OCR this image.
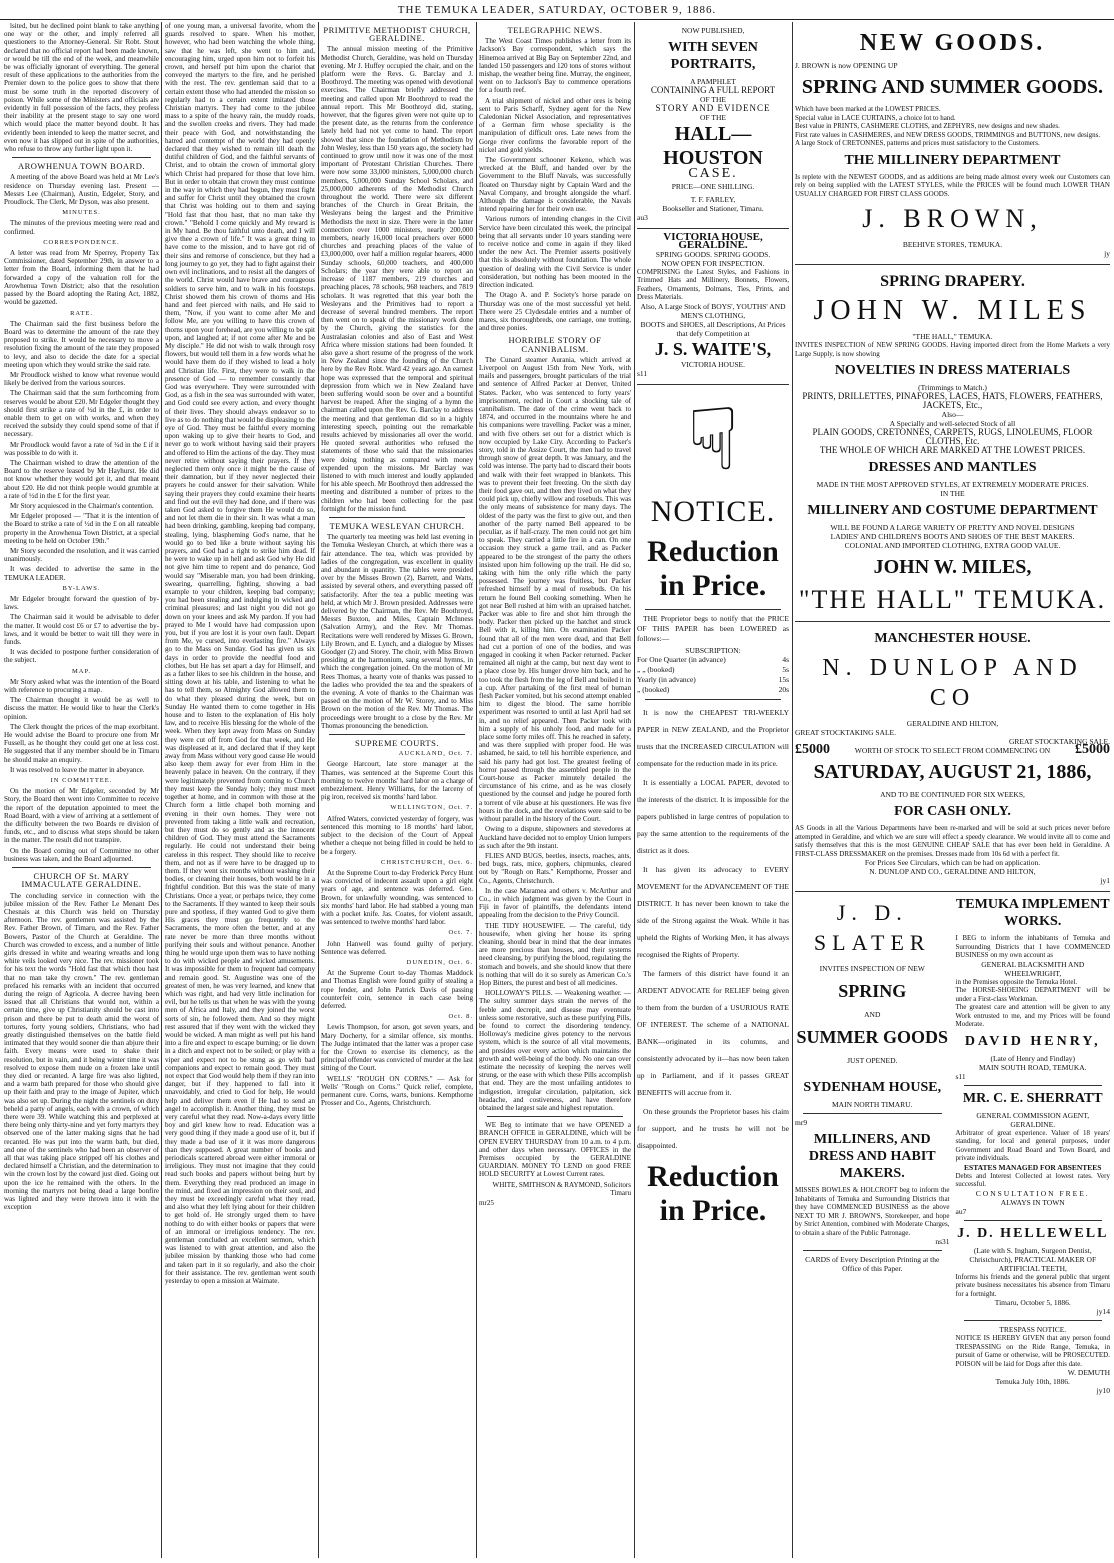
THE TEMUKA LEADER, SATURDAY, OCTOBER 9, 1886.

lsited, but he declined point blank to take anything one way or the other, and imply referred all questioners to the Attorney-General. Sir Robt. Stout declared that no official report had been made known, or would be till the end of the week, and meanwhile be was officially ignorant of everything. The general result of these applications to the authorities from the Premier down to the police goes to show that there must be some truth in the reported discovery of poison. While some of the Ministers and officials are evidently in full possession of the facts, they profess their inability at the present stage to say one word which would place the matter beyond doubt. It has evidently been intended to keep the matter secret, and even now it has slipped out in spite of the authorities, who refuse to throw any further light upon it.

AROWHENUA TOWN BOARD.

A meeting of the above Board was held at Mr Lee's residence on Thursday evening last. Present — Messrs Lee (Chairman), Austin, Edgeler, Story, and Proudlock. The Clerk, Mr Dyson, was also present.

MINUTES.

The minutes of the previous meeting were read and confirmed.

CORRESPONDENCE.

A letter was read from Mr Sperrey, Property Tax Commissioner, dated September 29th, in answer to a letter from the Board, informing them that he had forwarded a copy of the valuation roll for the Arowhenua Town District; also that the resolution passed by the Board adopting the Rating Act, 1882, would be gazetted.

RATE.

The Chairman said the first business before the Board was to determine the amount of the rate they proposed to strike. It would be necessary to move a resolution fixing the amount of the rate they proposed to levy, and also to decide the date for a special meeting upon which they would strike the said rate.

Mr Proudlock wished to know what revenue would likely be derived from the various sources.

The Chairman said that the sum forthcoming from reserves would be about £20. Mr Edgeler thought they should first strike a rate of ½d in the £, in order to enable them to get on with works, and when they received the subsidy they could spend some of that if necessary.

Mr Proudlock would favor a rate of ¾d in the £ if it was possible to do with it.

The Chairman wished to draw the attention of the Board to the reserve leased by Mr Hayhurst. He did not know whether they would get it, and that meant about £20. He did not think people would grumble at a rate of ½d in the £ for the first year.

Mr Story acquiesced in the Chairman's contention.

Mr Edgeler proposed — "That it is the intention of the Board to strike a rate of ½d in the £ on all rateable property in the Arowhenua Town District, at a special meeting to be held on October 19th."

Mr Story seconded the resolution, and it was carried unanimously.

It was decided to advertise the same in the TEMUKA LEADER.

BY-LAWS.

Mr Edgeler brought forward the question of by-laws.

The Chairman said it would be advisable to defer the matter. It would cost £6 or £7 to advertise the by-laws, and it would be better to wait till they were in funds.

It was decided to postpone further consideration of the subject.

MAP.

Mr Story asked what was the intention of the Board with reference to procuring a map.

The Chairman thought it would be as well to discuss the matter. He would like to hear the Clerk's opinion.

The Clerk thought the prices of the map exorbitant. He would advise the Board to procure one from Mr Fussell, as he thought they could get one at less cost. He suggested that if any member should be in Timaru he should make an enquiry.

It was resolved to leave the matter in abeyance.

IN COMMITTEE.

On the motion of Mr Edgeler, seconded by Mr Story, the Board then went into Committee to receive the report of the deputation appointed to meet the Road Board, with a view of arriving at a settlement of the difficulty between the two Boards re division of funds, etc., and to discuss what steps should be taken in the matter. The result did not transpire.

On the Board coming out of Committee no other business was taken, and the Board adjourned.

CHURCH OF St. MARY IMMACULATE GERALDINE.

The concluding service in connection with the jubilee mission of the Rev. Father Le Menant Des Chesnais at this Church was held on Thursday afternoon. The rev. gentlemen was assisted by the Rev. Father Brown, of Timaru, and the Rev. Father Bowers, Pastor of the Church at Geraldine. The Church was crowded to excess, and a number of little girls dressed in white and wearing wreaths and long white veils looked very nice. The rev. missioner took for his text the words "Hold fast that which thou hast that no man take thy crown." The rev. gentleman prefaced his remarks with an incident that occurred during the reign of Agricola. A decree having been issued that all Christians that would not, within a certain time, give up Christianity should be cast into prison and there be put to death amid the worst of tortures, forty young soldiers, Christians, who had greatly distinguished themselves on the battle field intimated that they would sooner die than abjure their faith. Every means were used to shake their resolution, but in vain, and it being winter time it was resolved to expose them nude on a frozen lake until they died or recanted. A large fire was also lighted, and a warm bath prepared for those who should give up their faith and pray to the image of Jupiter, which was also set up. During the night the sentinels on duty beheld a party of angels, each with a crown, of which there were 39. While watching this and perplexed at there being only thirty-nine and yet forty martyrs they observed one of the latter making signs that he had recanted. He was put into the warm bath, but died, and one of the sentinels who had been an observer of all that was taking place stripped off his clothes and declared himself a Christian, and the determination to win the crown lost by the coward just died. Going out upon the ice he remained with the others. In the morning the martyrs not being dead a large bonfire was lighted and they were thrown into it with the exception

of one young man, a universal favorite, whom the guards resolved to spare. When his mother, however, who had been watching the whole thing, saw that he was left, she went to him and, encouraging him, urged upon him not to forfeit his crown, and herself put him upon the chariot that conveyed the martyrs to the fire, and he perished with the rest. The rev. gentleman said that to a certain extent those who had attended the mission so regularly had to a certain extent imitated those Christian martyrs. They had come to the jubilee mass to a spite of the heavy rain, the muddy roads, and the swollen creeks and rivers. They had made their peace with God, and notwithstanding the hatred and contempt of the world they had openly declared that they wished to remain till death the dutiful children of God, and the faithful servants of Christ, and to obtain the crown of immortal glory which Christ had prepared for those that love him. But in order to obtain that crown they must continue in the way in which they had begun, they must fight and suffer for Christ until they obtained the crown that Christ was holding out to them and saying "Hold fast that thou hast, that no man take thy crown." "Behold I come quickly and My reward is in My hand. Be thou faithful unto death, and I will give thee a crown of life." It was a great thing to have come to the mission, and to have got rid of their sins and remorse of conscience, but they had a long journey to go yet, they had to fight against their own evil inclinations, and to resist all the dangers of the world. Christ would have brave and courageous soldiers to serve him, and to walk in his footsteps. Christ showed them his crown of thorns and His hand and feet pierced with nails, and He said to them, "Now, if you want to come after Me and follow Me, are you willing to have this crown of thorns upon your forehead, are you willing to be spit upon, and laughed at; if not come after Me and be My disciple." He did not wish to walk through rosy flowers, but would tell them in a few words what he would have them do if they wished to lead a holy and Christian life. First, they were to walk in the presence of God — to remember constantly that God was everywhere. They were surrounded with God, as a fish in the sea was surrounded with water, and God could see every action, and every thought of their lives. They should always endeavor so to live as to do nothing that would be displeasing to the eye of God. They must be faithful every morning upon waking up to give their hearts to God, and never go to work without having said their prayers and offered to Him the actions of the day. They must never retire without saying their prayers. If they neglected them only once it might be the cause of their damnation, but if they never neglected their prayers he could answer for their salvation. While saying their prayers they could examine their hearts and find out the evil they had done, and if there was taken God asked to forgive them He would do so, and not let them die in their sin. It was what a man had been drinking, gambling, keeping bad company, stealing, lying, blaspheming God's name, that he would go to bed like a brute without saying his prayers, and God had a right to strike him dead. If he were to wake up in hell and ask God why He did not give him time to repent and do penance, God would say "Miserable man, you had been drinking, swearing, quarrelling, fighting, showing a bad example to your children, keeping bad company; you had been stealing and indulging in wicked and criminal pleasures; and last night you did not go down on your knees and ask My pardon. If you had prayed to Me I would have had compassion upon you, but if you are lost it is your own fault. Depart from Me, ye cursed, into everlasting fire." Always go to the Mass on Sunday. God has given us six days in order to provide the needful food and clothes, but He has set apart a day for Himself, and as a father likes to see his children in the house, and sitting down at his table, and listening to what he has to tell them, so Almighty God allowed them to do what they pleased during the week, but on Sunday He wanted them to come together in His house and to listen to the explanation of His holy law, and to receive His blessing for the whole of the week. When they kept away from Mass on Sunday they were cut off from God for that week, and He was displeased at it, and declared that if they kept away from Mass without very good cause He would also keep them away for ever from Him in the heavenly palace in heaven. On the contrary, if they were legitimately prevented from coming to Church they must keep the Sunday holy; they must meet together at home, and in common with those at the Church form a little chapel both morning and evening in their own homes. They were not prevented from taking a little walk and recreation, but they must do so gently and as the innocent children of God. They must attend the Sacraments regularly. He could not understand their being careless in this respect. They should like to receive them, and not as if were have to be dragged up to them. If they went six months without washing their bodies, or cleaning their houses, both would be in a frightful condition. But this was the state of many Christians. Once a year, or perhaps twice, they come to the Sacraments. If they wanted to keep their souls pure and spotless, if they wanted God to give them His graces they must go frequently to the Sacraments, the more often the better, and at any rate never be more than three months without purifying their souls and without penance. Another thing he would urge upon them was to have nothing to do with wicked people and wicked amusements. It was impossible for them to frequent bad company and remain good. St. Augustine was one of the greatest of men, he was very learned, and knew that which was right, and had very little inclination for evil, but he tells us that when he was with the young men of Africa and Italy, and they joined the worst sorts of sin, he followed them. And so they might rest assured that if they went with the wicked they would be wicked. A man might as well put his hand into a fire and expect to escape burning; or lie down in a ditch and expect not to be soiled; or play with a viper and expect not to be stung as go with bad companions and expect to remain good. They must not expect that God would help them if they ran into danger, but if they happened to fall into it unavoidably, and cried to God for help, He would help and deliver them even if He had to send an angel to accomplish it. Another thing, they must be very careful what they read. Now-a-days every little boy and girl knew how to read. Education was a very good thing if they made a good use of it, but if they made a bad use of it it was more dangerous than they supposed. A great number of books and periodicals scattered abroad were either immoral or irreligious. They must not imagine that they could read such books and papers without being hurt by them. Everything they read produced an image in the mind, and fixed an impression on their soul, and they must be exceedingly careful what they read, and also what they left lying about for their children to get hold of. He strongly urged them to have nothing to do with either books or papers that were of an immoral or irreligious tendency. The rev. gentleman concluded an excellent sermon, which was listened to with great attention, and also the jubilee mission by thanking those who had come and taken part in it so regularly, and also the choir for their assistance. The rev. gentleman went south yesterday to open a mission at Waimate.

PRIMITIVE METHODIST CHURCH, GERALDINE.

The annual mission meeting of the Primitive Methodist Church, Geraldine, was held on Thursday evening. Mr J. Huffey occupied the chair, and on the platform were the Revs. G. Barclay and J. Boothroyd. The meeting was opened with devotional exercises. The Chairman briefly addressed the meeting and called upon Mr Boothroyd to read the annual report. This Mr Boothroyd did, stating, however, that the figures given were not quite up to the present date, as the returns from the conference lately held had not yet come to hand. The report showed that since the foundation of Methodism by John Wesley, less than 150 years ago, the society had continued to grow until now it was one of the most important of Protestant Christian Churches. There were now some 33,000 ministers, 5,000,000 church members, 5,000,000 Sunday School Scholars, and 25,000,000 adherents of the Methodist Church throughout the world. There were six different branches of the Church in Great Britain, the Wesleyans being the largest and the Primitive Methodists the next in size. There were in the latter connection over 1000 ministers, nearly 200,000 members, nearly 16,000 local preachers over 6000 churches and preaching places of the value of £3,000,000, over half a million regular hearers, 4000 Sunday schools, 60,000 teachers, and 400,000 Scholars; the year they were able to report an increase of 1187 members, 219 churches and preaching places, 78 schools, 968 teachers, and 7819 scholars. It was regretted that this year both the Wesleyans and the Primitives had to report a decrease of several hundred members. The report then went on to speak of the missionary work done by the Church, giving the statistics for the Australasian colonies and also of East and West Africa where mission stations had been founded. It also gave a short resume of the progress of the work in New Zealand since the founding of the Church here by the Rev Robt. Ward 42 years ago. An earnest hope was expressed that the temporal and spiritual depression from which we in New Zealand have been suffering would soon be over and a bountiful harvest be reaped. After the singing of a hymn the chairman called upon the Rev. G. Barclay to address the meeting and that gentleman did so in a highly interesting speech, pointing out the remarkable results achieved by missionaries all over the world. He quoted several authorities who refused the statements of those who said that the missionaries were doing nothing as compared with money expended upon the missions. Mr Barclay was listened to with much interest and loudly applauded for his able speech. Mr Boothroyd then addressed the meeting and distributed a number of prizes to the children who had been collecting for the past fortnight for the mission fund.

TEMUKA WESLEYAN CHURCH.

The quarterly tea meeting was held last evening in the Temuka Wesleyan Church, at which there was a fair attendance. The tea, which was provided by ladies of the congregation, was excellent in quality and abundant in quantity. The tables were presided over by the Misses Brown (2), Barrett, and Watts, assisted by several others, and everything passed off satisfactorily. After the tea a public meeting was held, at which Mr J. Brown presided. Addresses were delivered by the Chairman, the Rev. Mr Boothroyd, Messrs Buxton, and Miles, Captain McInness (Salvation Army), and the Rev. Mr Thomas. Recitations were well rendered by Misses G. Brown, Lily Brown, and E. Lynch, and a dialogue by Misses Goodger (2) and Storey. The choir, with Miss Brown presiding at the harmonium, sang several hymns, in which the congregation joined. On the motion of Mr Rees Thomas, a hearty vote of thanks was passed to the ladies who provided the tea and the speakers of the evening. A vote of thanks to the Chairman was passed on the motion of Mr W. Storey, and to Miss Brown on the motion of the Rev. Mr Thomas. The proceedings were brought to a close by the Rev. Mr Thomas pronouncing the benediction.

SUPREME COURTS.
AUCKLAND, Oct. 7.

George Harcourt, late store manager at the Thames, was sentenced at the Supreme Court this morning to twelve months' hard labor on a charge of embezzlement. Henry Williams, for the larceny of pig iron, received six months' hard labor.

WELLINGTON, Oct. 7.

Alfred Waters, convicted yesterday of forgery, was sentenced this morning to 18 months' hard labor, subject to the decision of the Court of Appeal whether a cheque not being filled in could be held to be a forgery.

CHRISTCHURCH, Oct. 6.

At the Supreme Court to-day Frederick Percy Hunt was convicted of indecent assault upon a girl eight years of age, and sentence was deferred. Geo. Brown, for unlawfully wounding, was sentenced to six months' hard labor. He had stabbed a young man with a pocket knife. Jas. Coates, for violent assault, was sentenced to twelve months' hard labor.

Oct. 7.

John Hanwell was found guilty of perjury. Sentence was deferred.

DUNEDIN, Oct. 6.

At the Supreme Court to-day Thomas Maddock and Thomas English were found guilty of stealing a rope fender, and John Patrick Davis of passing counterfeit coin, sentence in each case being deferred.

Oct. 8.

Lewis Thompson, for arson, got seven years, and Mary Docherty, for a similar offence, six months. The Judge intimated that the latter was a proper case for the Crown to exercise its clemency, as the principal offender was convicted of murder at the last sitting of the Court.

WELLS' "ROUGH ON CORNS." — Ask for Wells' "Rough on Corns." Quick relief, complete, permanent cure. Corns, warts, bunions. Kempthorne Prosser and Co., Agents, Christchurch.

TELEGRAPHIC NEWS.

The West Coast Times publishes a letter from its Jackson's Bay correspondent, which says the Hinemoa arrived at Big Bay on September 22nd, and landed 150 passengers and 120 tons of stores without mishap, the weather being fine. Murray, the engineer, went on to Jackson's Bay to commence operations for a fourth reef.

A trial shipment of nickel and other ores is being sent to Paris Scharff, Sydney agent for the New Caledonian Nickel Association, and representatives of a German firm whose speciality is the manipulation of difficult ores. Late news from the Gorge river confirms the favorable report of the nickel and gold yields.

The Government schooner Kekeno, which was wrecked at the Bluff, and handed over by the Government to the Bluff Navals, was successfully floated on Thursday night by Captain Ward and the Naval Company, and brought alongside the wharf. Although the damage is considerable, the Navals intend repairing her for their own use.

Various rumors of intending changes in the Civil Service have been circulated this week, the principal being that all servants under 10 years standing were to receive notice and come in again if they liked under the new Act. The Premier asserts positively that this is absolutely without foundation. The whole question of dealing with the Civil Service is under consideration, but nothing has been mooted in the direction indicated.

The Otago A. and P. Society's horse parade on Thursday was one of the most successful yet held. There were 25 Clydesdale entries and a number of mares, six thoroughbreds, one carriage, one trotting, and three ponies.

HORRIBLE STORY OF CANNIBALISM.

The Cunard steamer Aurania, which arrived at Liverpool on August 15th from New York, with mails and passengers, brought particulars of the trial and sentence of Alfred Packer at Denver, United States. Packer, who was sentenced to forty years' imprisonment, recited in Court a shocking tale of cannibalism. The date of the crime went back to 1874, and occurred in the mountains where he and his companions were travelling. Packer was a miner, and with five others set out for a district which is now occupied by Lake City. According to Packer's story, told in the Assize Court, the men had to travel through snow of great depth. It was January, and the cold was intense. The party had to discard their boots and walk with their feet wrapped in blankets. This was to prevent their feet freezing. On the sixth day their food gave out, and then they lived on what they could pick up, chiefly willow and rosebuds. This was the only means of subsistence for many days. The oldest of the party was the first to give out, and then another of the party named Bell appeared to be peculiar, as if half-crazy. The men could not get him to speak. They carried a little fire in a can. On one occasion they struck a game trail, and as Packer appeared to be the strongest of the party the others insisted upon him following up the trail. He did so, taking with him the only rifle which the party possessed. The journey was fruitless, but Packer refreshed himself by a meal of rosebuds. On his return he found Bell cooking something. When he got near Bell rushed at him with an upraised hatchet. Packer was able to fire and shot him through the body. Packer then picked up the hatchet and struck Bell with it, killing him. On examination Packer found that all of the men were dead, and that Bell had cut a portion of one of the bodies, and was engaged in cooking it when Packer returned. Packer remained all night at the camp, but next day went to a place close by. His hunger drove him back, and he too took the flesh from the leg of Bell and boiled it in a cup. After partaking of the first meal of human flesh Packer vomited, but his second attempt enabled him to digest the blood. The same horrible experiment was resorted to until at last April had set in, and no relief appeared. Then Packer took with him a supply of his unholy food, and made for a place some forty miles off. This he reached in safety, and was there supplied with proper food. He was ashamed, he said, to tell his horrible experience, and said his party had got lost. The greatest feeling of horror passed through the assembled people in the Court-house as Packer minutely detailed the circumstance of his crime, and as he was closely questioned by the counsel and judge he poured forth a torrent of vile abuse at his questioners. He was five hours in the dock, and the revelations were said to be without parallel in the history of the Court.

Owing to a dispute, shipowners and stevedores at Auckland have decided not to employ Union lumpers as such after the 9th instant.

FLIES AND BUGS, beetles, insects, roaches, ants, bed bugs, rats, mice, gophers, chipmunks, cleared out by "Rough on Rats." Kempthorne, Prosser and Co., Agents, Christchurch.

In the case Maramea and others v. McArthur and Co., in which judgment was given by the Court in Fiji in favor of plaintiffs, the defendants intend appealing from the decision to the Privy Council.

THE TIDY HOUSEWIFE. — The careful, tidy housewife, when giving her house its spring cleaning, should bear in mind that the dear inmates are more precious than houses, and their systems need cleansing, by purifying the blood, regulating the stomach and bowels, and she should know that there is nothing that will do it so surely as American Co.'s Hop Bitters, the purest and best of all medicines.

HOLLOWAY'S PILLS. — Weakening weather. — The sultry summer days strain the nerves of the feeble and decrepit, and disease may eventuate unless some restorative, such as these purifying Pills, be found to correct the disordering tendency. Holloway's medicine gives potency to the nervous system, which is the source of all vital movements, and presides over every action which maintains the growth and well-being of the body. No one can over estimate the necessity of keeping the nerves well strung, or the ease with which these Pills accomplish that end. They are the most unfailing antidotes to indigestion, irregular circulation, palpitation, sick headache, and costiveness, and have therefore obtained the largest sale and highest reputation.

WE Beg to intimate that we have OPENED a BRANCH OFFICE in GERALDINE, which will be OPEN EVERY THURSDAY from 10 a.m. to 4 p.m. and other days when necessary. OFFICES in the Premises occupied by the GERALDINE GUARDIAN. MONEY TO LEND on good FREE HOLD SECURITY at Lowest Current rates.

WHITE, SMITHSON & RAYMOND, Solicitors Timaru

mr25

NOW PUBLISHED,
WITH SEVEN PORTRAITS,
A PAMPHLET
CONTAINING A FULL REPORT
OF THE
STORY AND EVIDENCE
OF THE
HALL—HOUSTON
CASE.
PRICE—ONE SHILLING.
T. F. FARLEY,
Bookseller and Stationer, Timaru.
au3
VICTORIA HOUSE, GERALDINE.
SPRING GOODS. SPRING GOODS.
NOW OPEN FOR INSPECTION.
COMPRISING the Latest Styles, and Fashions in Trimmed Hats and Millinery, Bonnets, Flowers, Feathers, Ornaments, Dolmans, Ties, Prints, and Dress Materials.
Also, A Large Stock of BOYS', YOUTHS' AND MEN'S CLOTHING,
BOOTS and SHOES, all Descriptions, At Prices that defy Competition at
J. S. WAITE'S,
VICTORIA HOUSE.
s11
☟
NOTICE.
Reduction in Price.

THE Proprietor begs to notify that the PRICE OF THIS PAPER has been LOWERED as follows:—

SUBSCRIPTION:
For One Quarter (in advance)	4s
„ „ (booked)	5s
Yearly (in advance)	15s
„ (booked)	20s

It is now the CHEAPEST TRI-WEEKLY PAPER in NEW ZEALAND, and the Proprietor trusts that the INCREASED CIRCULATION will compensate for the reduction made in its price.

It is essentially a LOCAL PAPER, devoted to the interests of the district. It is impossible for the papers published in large centres of population to pay the same attention to the requirements of the district as it does.

It has given its advocacy to EVERY MOVEMENT for the ADVANCEMENT OF THE DISTRICT. It has never been known to take the side of the Strong against the Weak. While it has upheld the Rights of Working Men, it has always recognised the Rights of Property.

The farmers of this district have found it an ARDENT ADVOCATE for RELIEF being given to them from the burden of a USURIOUS RATE OF INTEREST. The scheme of a NATIONAL BANK—originated in its columns, and consistently advocated by it—has now been taken up in Parliament, and if it passes GREAT BENEFITS will accrue from it.

On these grounds the Proprietor bases his claim for support, and he trusts he will not be disappointed.

Reduction in Price.
NEW GOODS.
J. BROWN is now OPENING UP
SPRING AND SUMMER GOODS.
Which have been marked at the LOWEST PRICES.
Special value in LACE CURTAINS, a choice lot to hand.
Best value in PRINTS, CASHMERE CLOTHS, and ZEPHYRS, new designs and new shades.
First rate values in CASHMERES, and NEW DRESS GOODS, TRIMMINGS and BUTTONS, new designs.
A large Stock of CRETONNES, patterns and prices must satisfactory to the Customers.
THE MILLINERY DEPARTMENT
Is replete with the NEWEST GOODS, and as additions are being made almost every week our Customers can rely on being supplied with the LATEST STYLES, while the PRICES will be found much LOWER THAN USUALLY CHARGED FOR FIRST CLASS GOODS.
J. BROWN,
BEEHIVE STORES, TEMUKA.
jy
SPRING DRAPERY.
JOHN W. MILES
"THE HALL," TEMUKA.
INVITES INSPECTION of NEW SPRING GOODS. Having imported direct from the Home Markets a very Large Supply, is now showing
NOVELTIES IN DRESS MATERIALS
(Trimmings to Match.)
PRINTS, DRILLETTES, PINAFORES, LACES, HATS, FLOWERS, FEATHERS, JACKETS, Etc.,
Also—
A Specially and well-selected Stock of all
PLAIN GOODS, CRETONNES, CARPETS, RUGS, LINOLEUMS, FLOOR CLOTHS, Etc.
THE WHOLE OF WHICH ARE MARKED AT THE LOWEST PRICES.
DRESSES AND MANTLES
MADE IN THE MOST APPROVED STYLES, AT EXTREMELY MODERATE PRICES.
IN THE
MILLINERY AND COSTUME DEPARTMENT
WILL BE FOUND A LARGE VARIETY OF PRETTY AND NOVEL DESIGNS
LADIES' AND CHILDREN'S BOOTS AND SHOES OF THE BEST MAKERS.
COLONIAL AND IMPORTED CLOTHING, EXTRA GOOD VALUE.
JOHN W. MILES,
"THE HALL" TEMUKA.
MANCHESTER HOUSE.
N. DUNLOP AND CO
GERALDINE AND HILTON,
GREAT STOCKTAKING SALE.
GREAT STOCKTAKING SALE.
£5000	WORTH OF STOCK TO SELECT FROM COMMENCING ON	£5000
SATURDAY, AUGUST 21, 1886,
AND TO BE CONTINUED FOR SIX WEEKS,
FOR CASH ONLY.
AS Goods in all the Various Departments have been re-marked and will be sold at such prices never before attempted in Geraldine, and which we are sure will effect a speedy clearance. We would invite all to come and satisfy themselves that this is the most GENUINE CHEAP SALE that has ever been held in Geraldine. A FIRST-CLASS DRESSMAKER on the premises. Dresses made from 10s 6d with a perfect fit.
For Prices See Circulars, which can be had on application.
N. DUNLOP AND CO., GERALDINE AND HILTON,
jy1
J. D. SLATER
INVITES INSPECTION OF NEW
SPRING
AND
SUMMER GOODS
JUST OPENED.
SYDENHAM HOUSE,
MAIN NORTH TIMARU.
mr9
MILLINERS, AND DRESS AND HABIT MAKERS.
MISSES BOWLES & HOLCROFT beg to inform the Inhabitants of Temuka and Surrounding Districts that they have COMMENCED BUSINESS as the above NEXT TO MR J. BROWN'S, Storekeeper, and hope by Strict Attention, combined with Moderate Charges, to obtain a share of the Public Patronage.
ns31
CARDS of Every Description Printing at the Office of this Paper.
TEMUKA IMPLEMENT WORKS.
I BEG to inform the inhabitants of Temuka and Surrounding Districts that I have COMMENCED BUSINESS on my own account as
GENERAL BLACKSMITH AND WHEELWRIGHT,
in the Premises opposite the Temuka Hotel.
The HORSE-SHOEING DEPARTMENT will be under a First-class Workman.
The greatest care and attention will be given to any Work entrusted to me, and my Prices will be found Moderate.
DAVID HENRY,
(Late of Henry and Findlay)
MAIN SOUTH ROAD, TEMUKA.
s11
MR. C. E. SHERRATT
GENERAL COMMISSION AGENT, GERALDINE.
Arbitrator of great experience. Valuer of 18 years' standing, for local and general purposes, under Government and Road Board and Town Board, and private individuals.
ESTATES MANAGED FOR ABSENTEES
Debts and Interest Collected at lowest rates. Very successful.
CONSULTATION FREE.
ALWAYS IN TOWN
au7
J. D. HELLEWELL
(Late with S. Ingham, Surgeon Dentist, Christchurch), PRACTICAL MAKER OF ARTIFICIAL TEETH,
Informs his friends and the general public that urgent private business necessitates his absence from Timaru for a fortnight.
Timaru, October 5, 1886.
jy14
TRESPASS NOTICE.
NOTICE IS HEREBY GIVEN that any person found TRESPASSING on the Ride Range, Temuka, in pursuit of Game or otherwise, will be PROSECUTED. POISON will be laid for Dogs after this date.
W. DEMUTH
Temuka July 10th, 1886.
jy10
